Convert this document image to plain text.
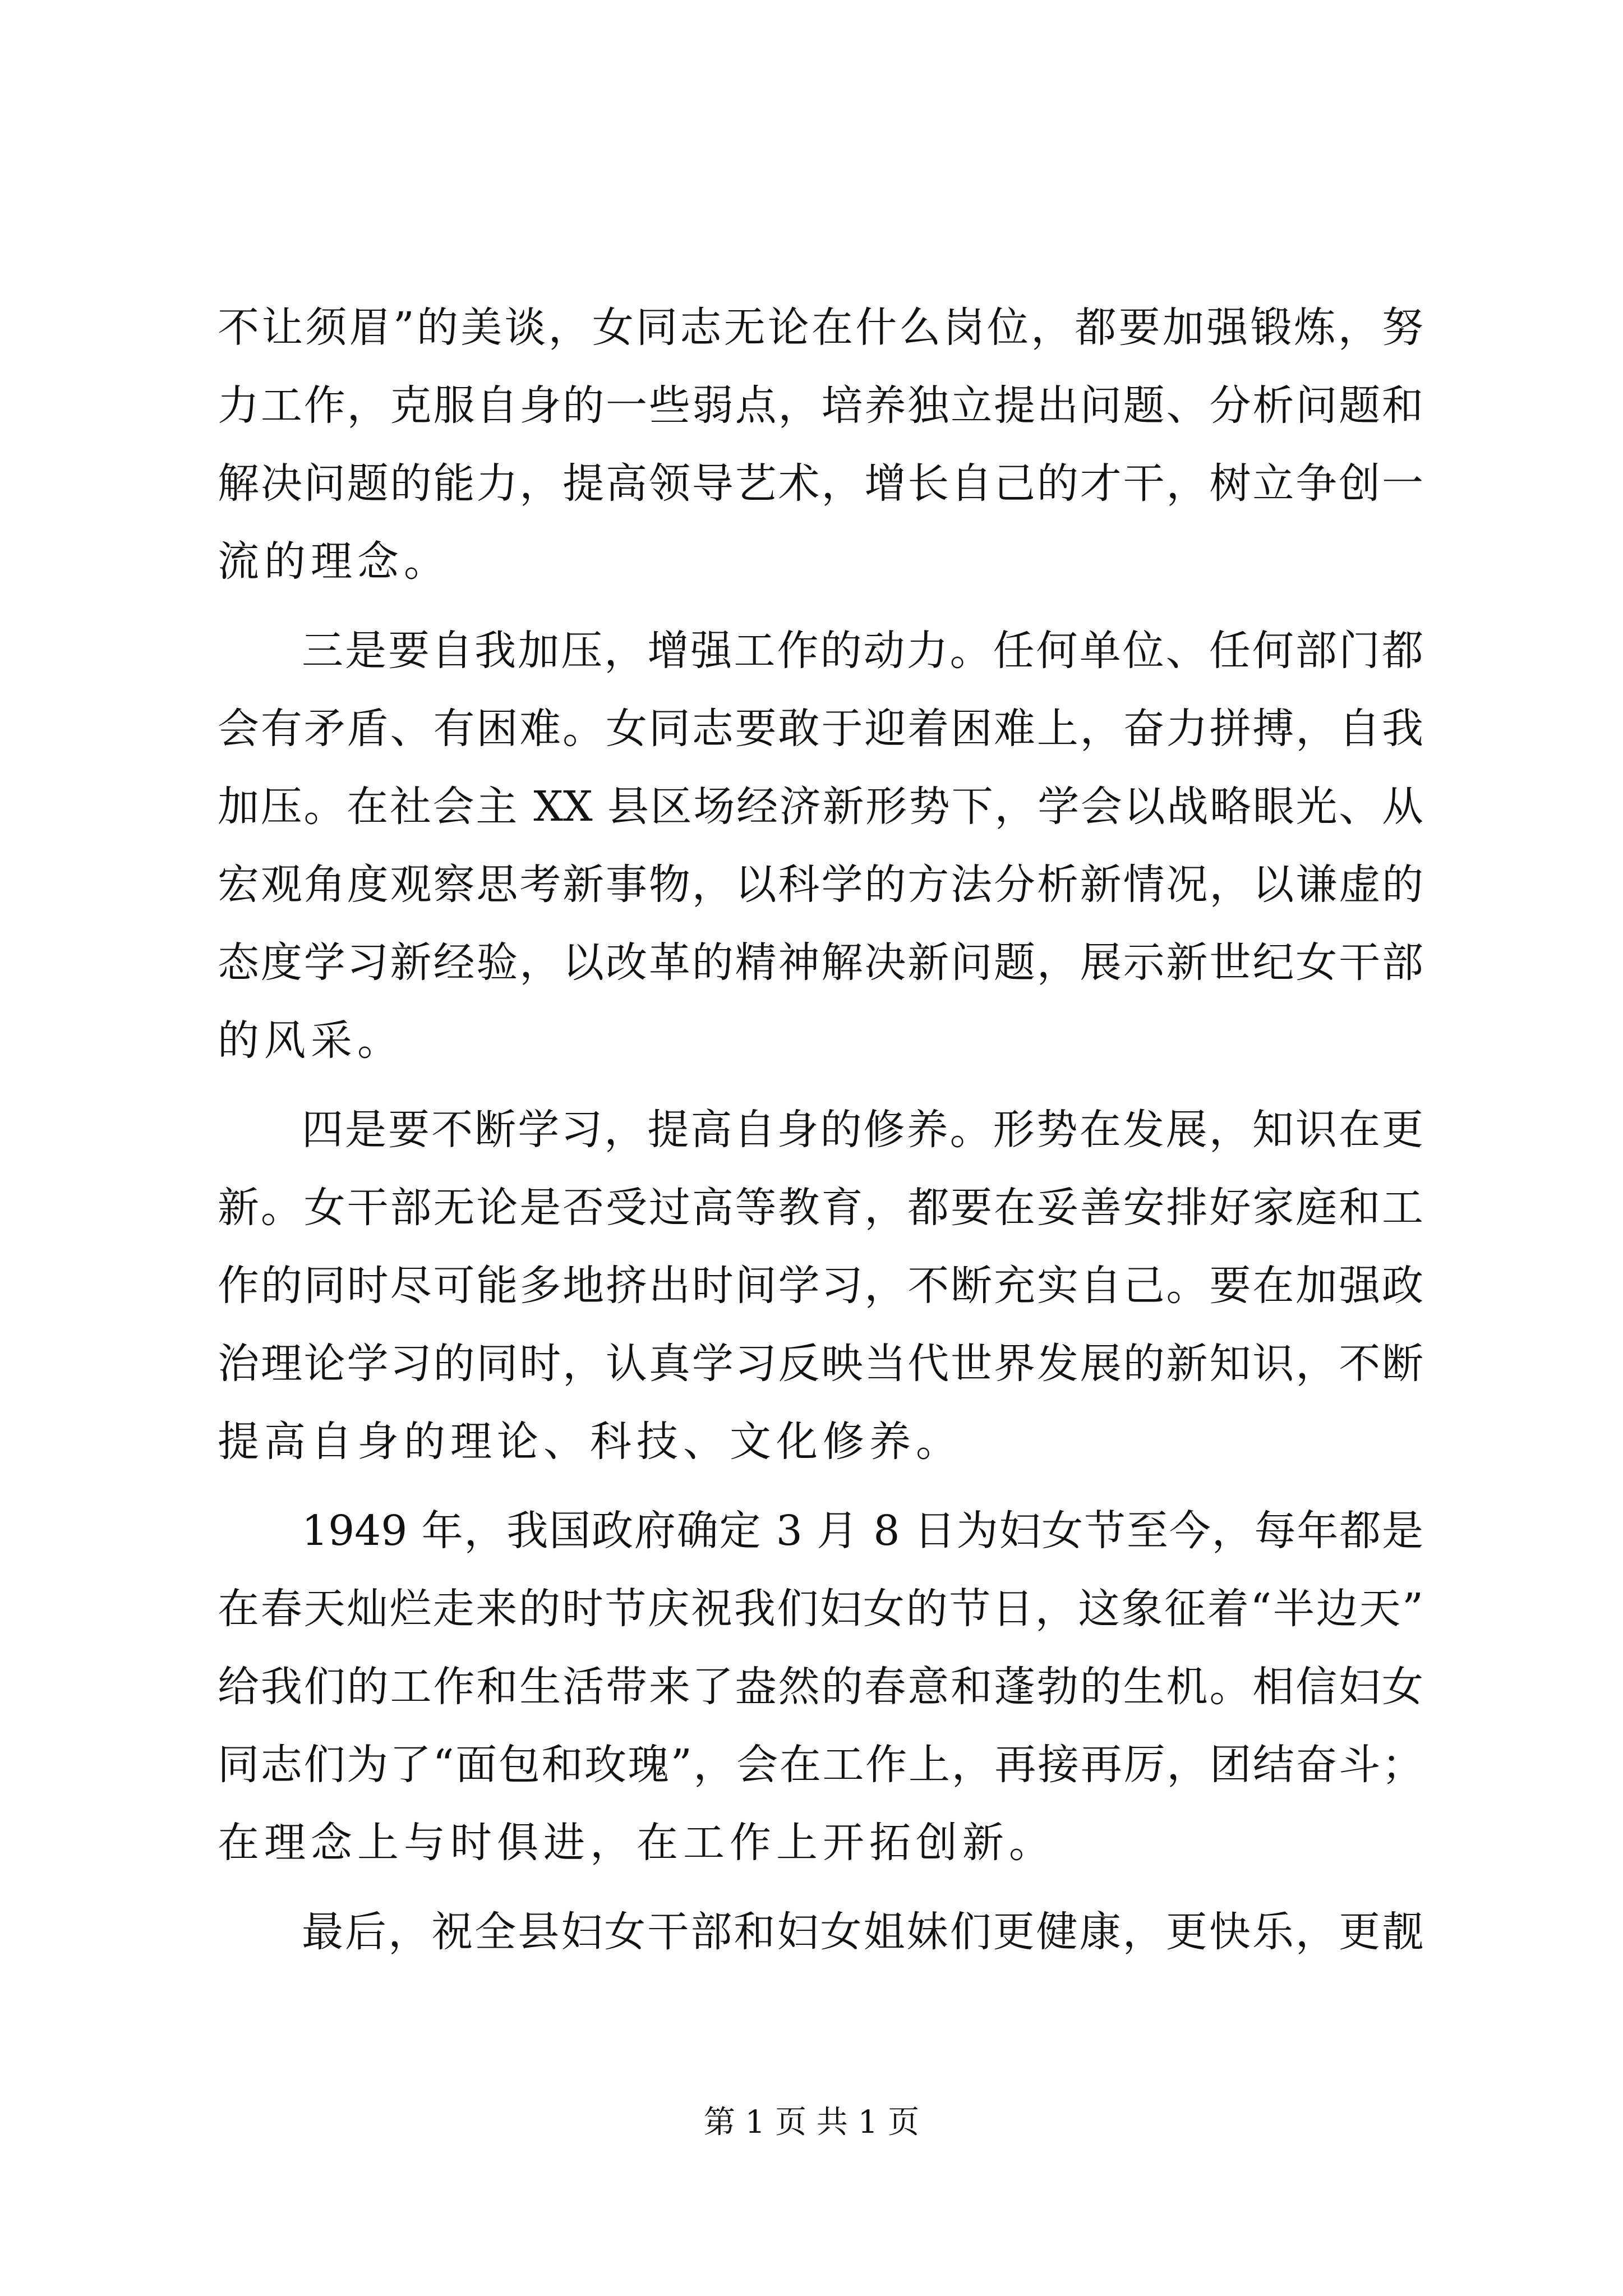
不让须眉”的美谈，女同志无论在什么岗位，都要加强锻炼，努
力工作，克服自身的一些弱点，培养独立提出问题、分析问题和
解决问题的能力，提高领导艺术，增长自己的才干，树立争创一
流的理念。
三是要自我加压，增强工作的动力。任何单位、任何部门都
会有矛盾、有困难。女同志要敢于迎着困难上，奋力拼搏，自我
加压。在社会主 XX 县区场经济新形势下，学会以战略眼光、从
宏观角度观察思考新事物，以科学的方法分析新情况，以谦虚的
态度学习新经验，以改革的精神解决新问题，展示新世纪女干部
的风采。
四是要不断学习，提高自身的修养。形势在发展，知识在更
新。女干部无论是否受过高等教育，都要在妥善安排好家庭和工
作的同时尽可能多地挤出时间学习，不断充实自己。要在加强政
治理论学习的同时，认真学习反映当代世界发展的新知识，不断
提高自身的理论、科技、文化修养。
1949 年，我国政府确定 3 月 8 日为妇女节至今，每年都是
在春天灿烂走来的时节庆祝我们妇女的节日，这象征着“半边天”
给我们的工作和生活带来了盎然的春意和蓬勃的生机。相信妇女
同志们为了“面包和玫瑰”，会在工作上，再接再厉，团结奋斗；
在理念上与时俱进，在工作上开拓创新。
最后，祝全县妇女干部和妇女姐妹们更健康，更快乐，更靓
第 1 页 共 1 页
